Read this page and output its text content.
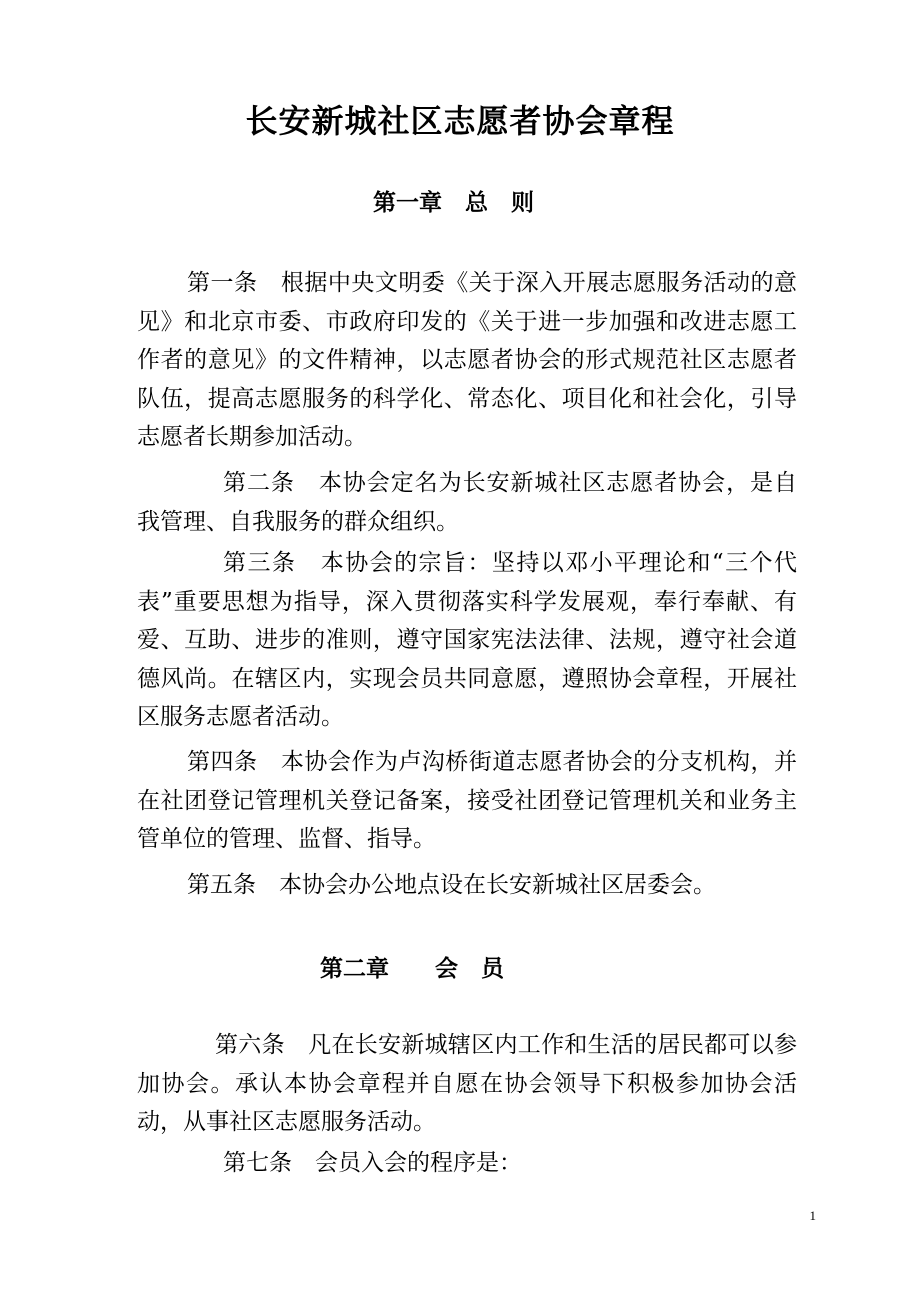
长安新城社区志愿者协会章程
第一章　总　则

第一条　根据中央文明委《关于深入开展志愿服务活动的意见》和北京市委、市政府印发的《关于进一步加强和改进志愿工作者的意见》的文件精神，以志愿者协会的形式规范社区志愿者队伍，提高志愿服务的科学化、常态化、项目化和社会化，引导志愿者长期参加活动。

第二条　本协会定名为长安新城社区志愿者协会，是自我管理、自我服务的群众组织。

第三条　本协会的宗旨：坚持以邓小平理论和“三个代表”重要思想为指导，深入贯彻落实科学发展观，奉行奉献、有爱、互助、进步的准则，遵守国家宪法法律、法规，遵守社会道德风尚。在辖区内，实现会员共同意愿，遵照协会章程，开展社区服务志愿者活动。

第四条　本协会作为卢沟桥街道志愿者协会的分支机构，并在社团登记管理机关登记备案，接受社团登记管理机关和业务主管单位的管理、监督、指导。

第五条　本协会办公地点设在长安新城社区居委会。

第二章　　会　员

第六条　凡在长安新城辖区内工作和生活的居民都可以参加协会。承认本协会章程并自愿在协会领导下积极参加协会活动，从事社区志愿服务活动。

第七条　会员入会的程序是：

1
